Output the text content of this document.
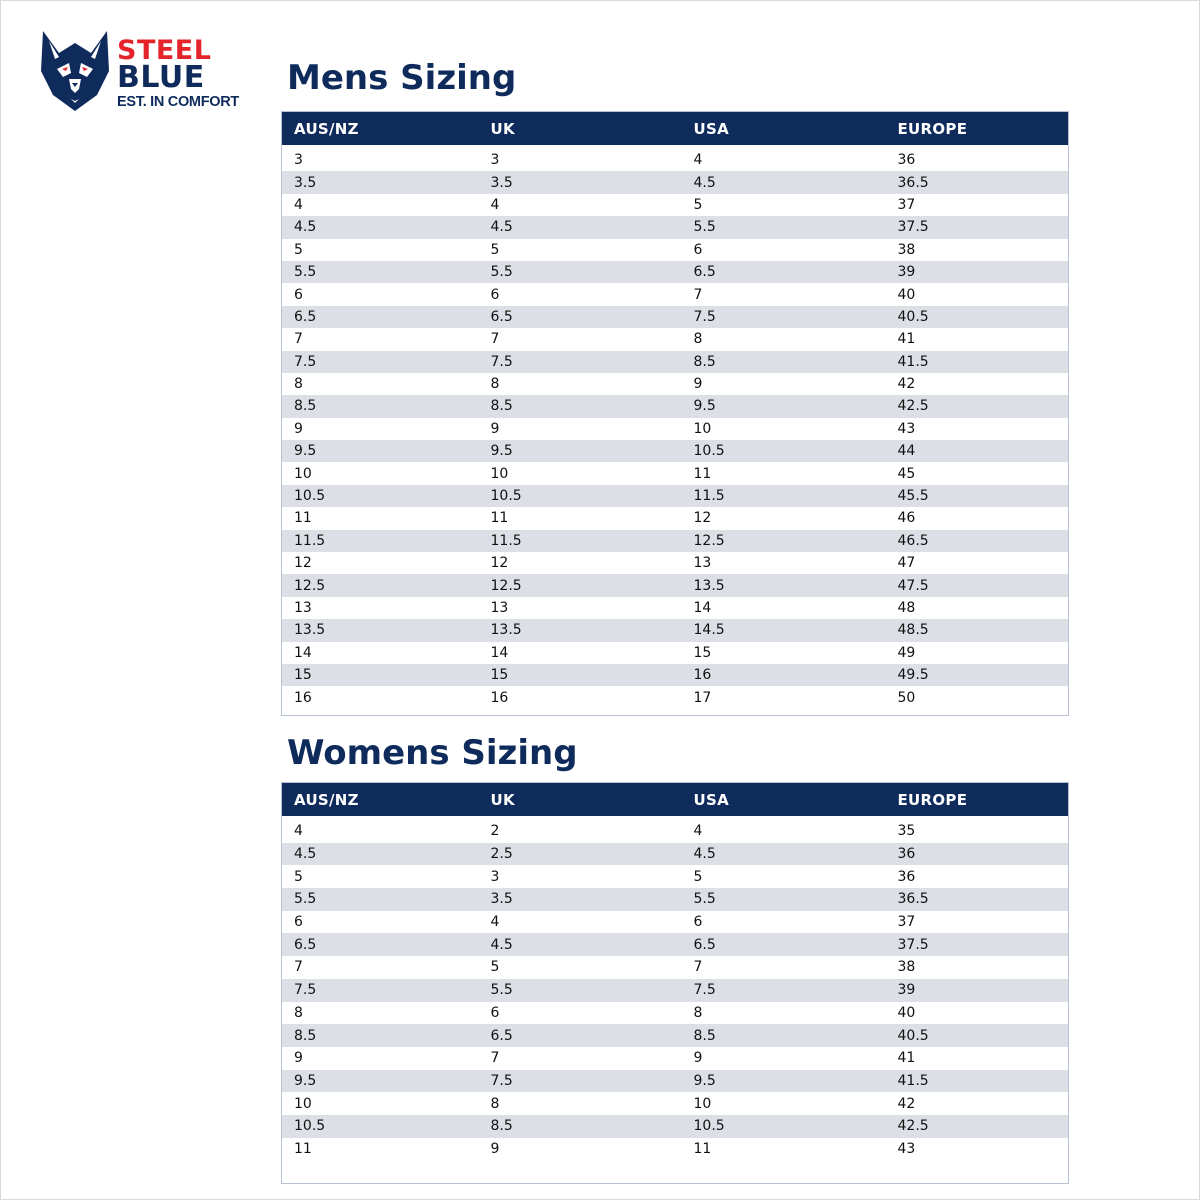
STEEL
BLUE
EST. IN COMFORT
Mens Sizing
AUS/NZ	UK	USA	EUROPE

3	3	4	36
3.5	3.5	4.5	36.5
4	4	5	37
4.5	4.5	5.5	37.5
5	5	6	38
5.5	5.5	6.5	39
6	6	7	40
6.5	6.5	7.5	40.5
7	7	8	41
7.5	7.5	8.5	41.5
8	8	9	42
8.5	8.5	9.5	42.5
9	9	10	43
9.5	9.5	10.5	44
10	10	11	45
10.5	10.5	11.5	45.5
11	11	12	46
11.5	11.5	12.5	46.5
12	12	13	47
12.5	12.5	13.5	47.5
13	13	14	48
13.5	13.5	14.5	48.5
14	14	15	49
15	15	16	49.5
16	16	17	50

Womens Sizing
AUS/NZ	UK	USA	EUROPE

4	2	4	35
4.5	2.5	4.5	36
5	3	5	36
5.5	3.5	5.5	36.5
6	4	6	37
6.5	4.5	6.5	37.5
7	5	7	38
7.5	5.5	7.5	39
8	6	8	40
8.5	6.5	8.5	40.5
9	7	9	41
9.5	7.5	9.5	41.5
10	8	10	42
10.5	8.5	10.5	42.5
11	9	11	43
